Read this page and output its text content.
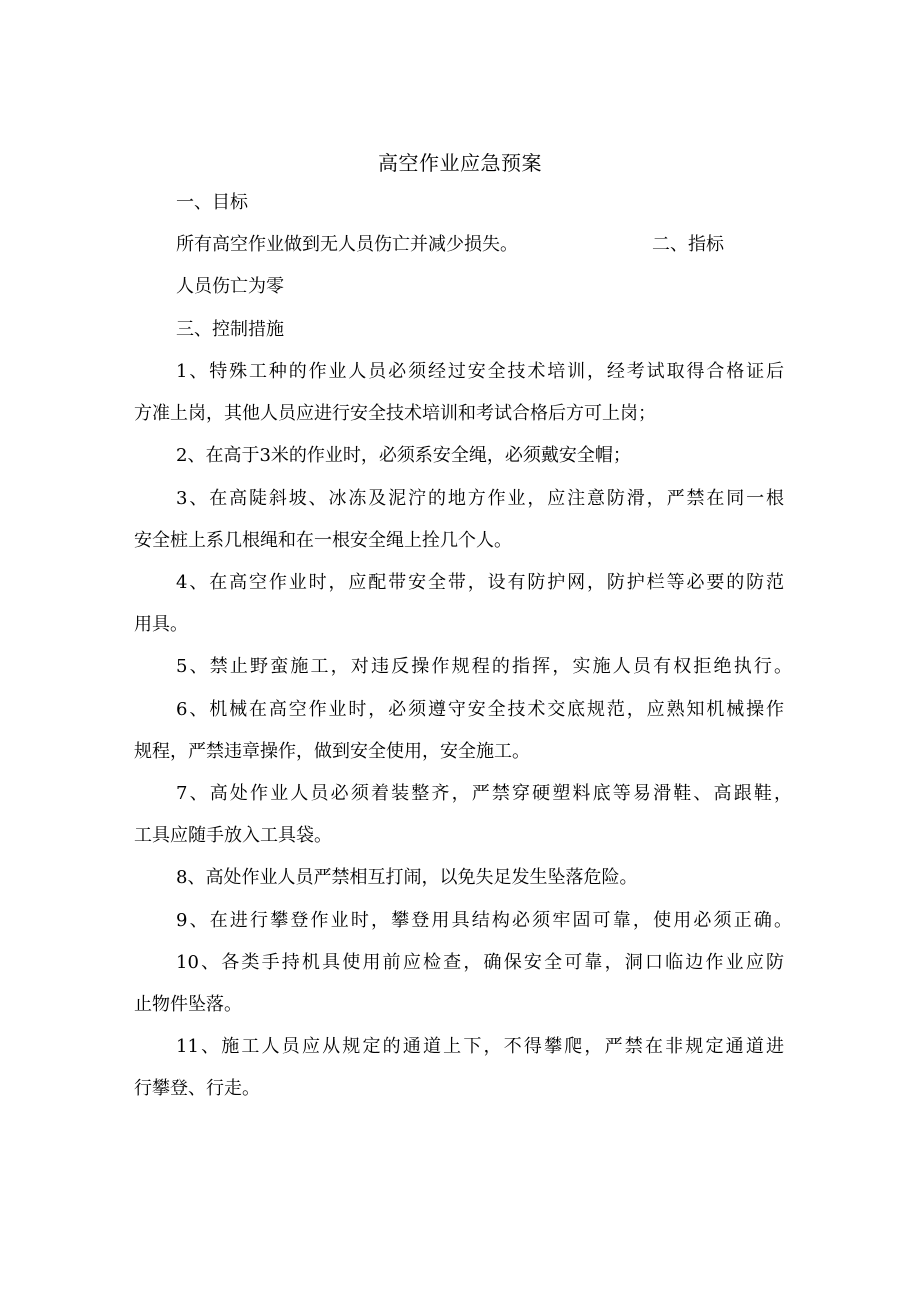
高空作业应急预案
一、目标
所有高空作业做到无人员伤亡并减少损失。	二、指标
人员伤亡为零
三、控制措施
1、特殊工种的作业人员必须经过安全技术培训，经考试取得合格证后
方准上岗，其他人员应进行安全技术培训和考试合格后方可上岗；
2、在高于3米的作业时，必须系安全绳，必须戴安全帽；
3、在高陡斜坡、冰冻及泥泞的地方作业，应注意防滑，严禁在同一根
安全桩上系几根绳和在一根安全绳上拴几个人。
4、在高空作业时，应配带安全带，设有防护网，防护栏等必要的防范
用具。
5、禁止野蛮施工，对违反操作规程的指挥，实施人员有权拒绝执行。
6、机械在高空作业时，必须遵守安全技术交底规范，应熟知机械操作
规程，严禁违章操作，做到安全使用，安全施工。
7、高处作业人员必须着装整齐，严禁穿硬塑料底等易滑鞋、高跟鞋，
工具应随手放入工具袋。
8、高处作业人员严禁相互打闹，以免失足发生坠落危险。
9、在进行攀登作业时，攀登用具结构必须牢固可靠，使用必须正确。
10、各类手持机具使用前应检查，确保安全可靠，洞口临边作业应防
止物件坠落。
11、施工人员应从规定的通道上下，不得攀爬，严禁在非规定通道进
行攀登、行走。
